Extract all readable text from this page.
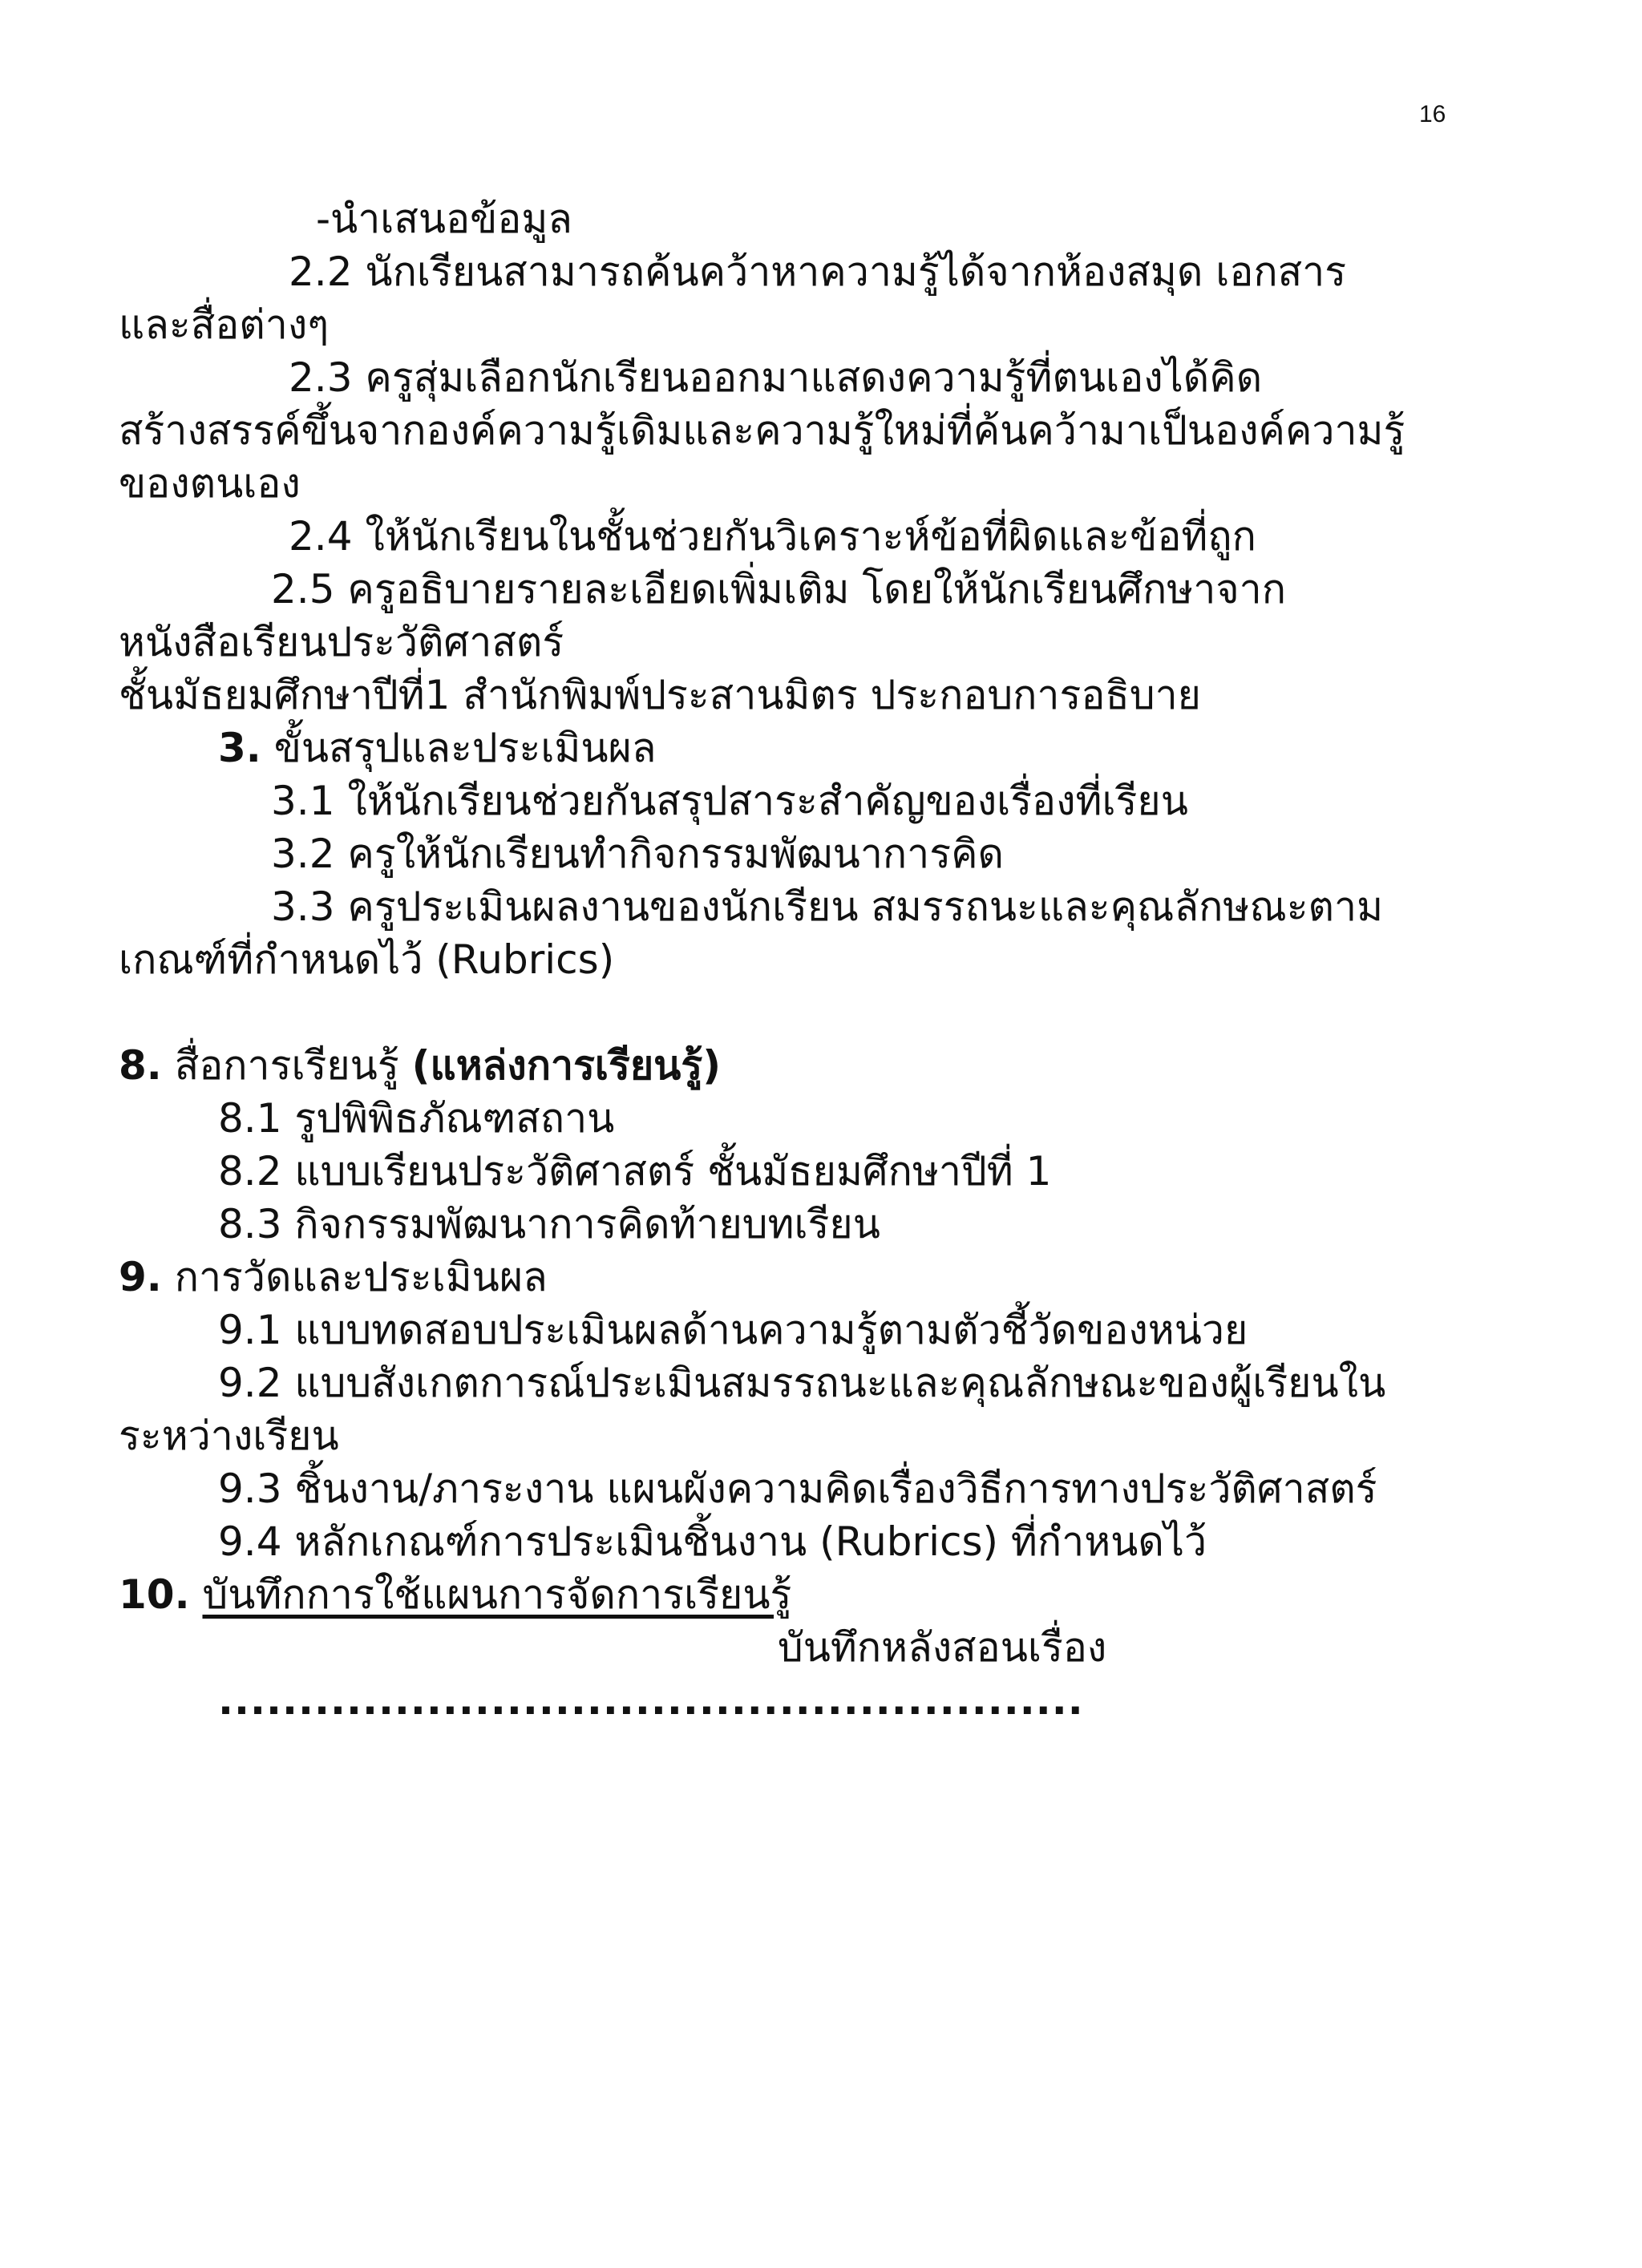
16
-นำเสนอข้อมูล
2.2 นักเรียนสามารถค้นคว้าหาความรู้ได้จากห้องสมุด เอกสาร
และสื่อต่างๆ
2.3 ครูสุ่มเลือกนักเรียนออกมาแสดงความรู้ที่ตนเองได้คิด
สร้างสรรค์ขึ้นจากองค์ความรู้เดิมและความรู้ใหม่ที่ค้นคว้ามาเป็นองค์ความรู้
ของตนเอง
2.4 ให้นักเรียนในชั้นช่วยกันวิเคราะห์ข้อที่ผิดและข้อที่ถูก
2.5 ครูอธิบายรายละเอียดเพิ่มเติม โดยให้นักเรียนศึกษาจาก
หนังสือเรียนประวัติศาสตร์
ชั้นมัธยมศึกษาปีที่1 สำนักพิมพ์ประสานมิตร ประกอบการอธิบาย
3. ขั้นสรุปและประเมินผล
3.1 ให้นักเรียนช่วยกันสรุปสาระสำคัญของเรื่องที่เรียน
3.2 ครูให้นักเรียนทำกิจกรรมพัฒนาการคิด
3.3 ครูประเมินผลงานของนักเรียน สมรรถนะและคุณลักษณะตาม
เกณฑ์ที่กำหนดไว้ (Rubrics)
8. สื่อการเรียนรู้ (แหล่งการเรียนรู้)
8.1 รูปพิพิธภัณฑสถาน
8.2 แบบเรียนประวัติศาสตร์ ชั้นมัธยมศึกษาปีที่ 1
8.3 กิจกรรมพัฒนาการคิดท้ายบทเรียน
9. การวัดและประเมินผล
9.1 แบบทดสอบประเมินผลด้านความรู้ตามตัวชี้วัดของหน่วย
9.2 แบบสังเกตการณ์ประเมินสมรรถนะและคุณลักษณะของผู้เรียนใน
ระหว่างเรียน
9.3 ชิ้นงาน/ภาระงาน แผนผังความคิดเรื่องวิธีการทางประวัติศาสตร์
9.4 หลักเกณฑ์การประเมินชิ้นงาน (Rubrics) ที่กำหนดไว้
10. บันทึกการใช้แผนการจัดการเรียนรู้
บันทึกหลังสอนเรื่อง
......................................................
